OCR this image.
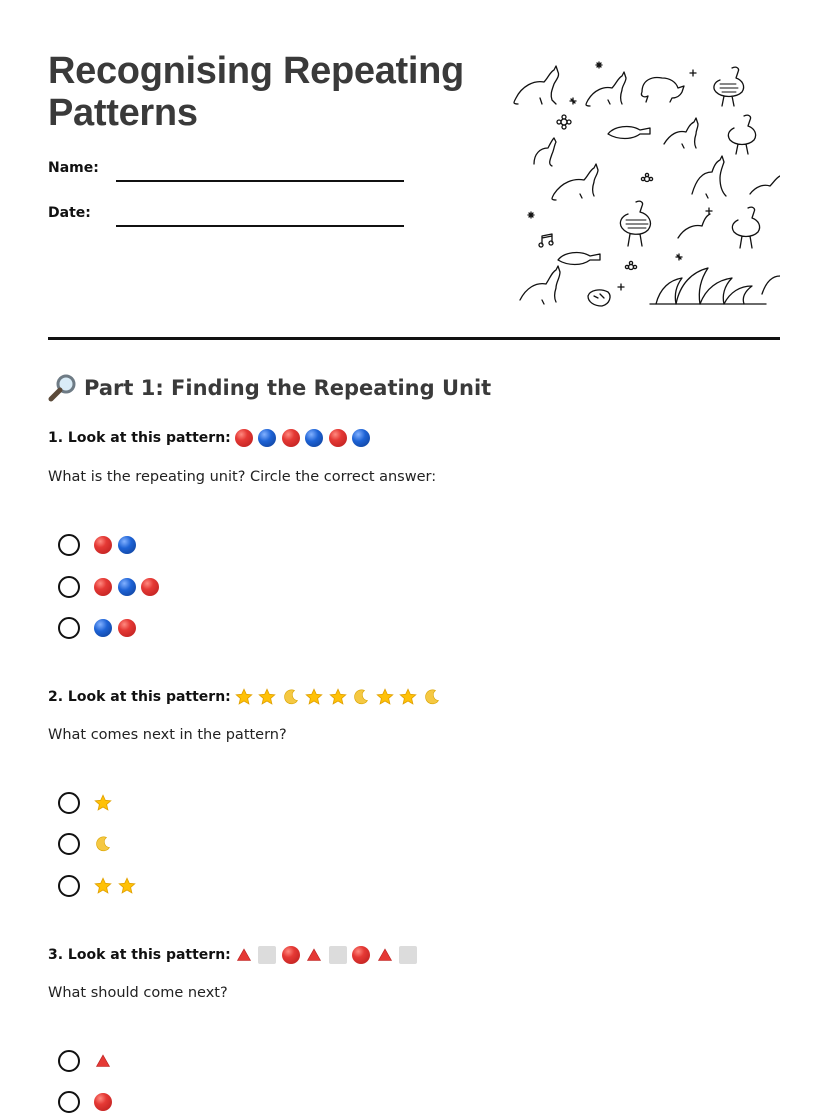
Recognising Repeating
Patterns
Name:
Date:
Part 1: Finding the Repeating Unit
1. Look at this pattern:
What is the repeating unit? Circle the correct answer:
2. Look at this pattern:
What comes next in the pattern?
3. Look at this pattern:
What should come next?
